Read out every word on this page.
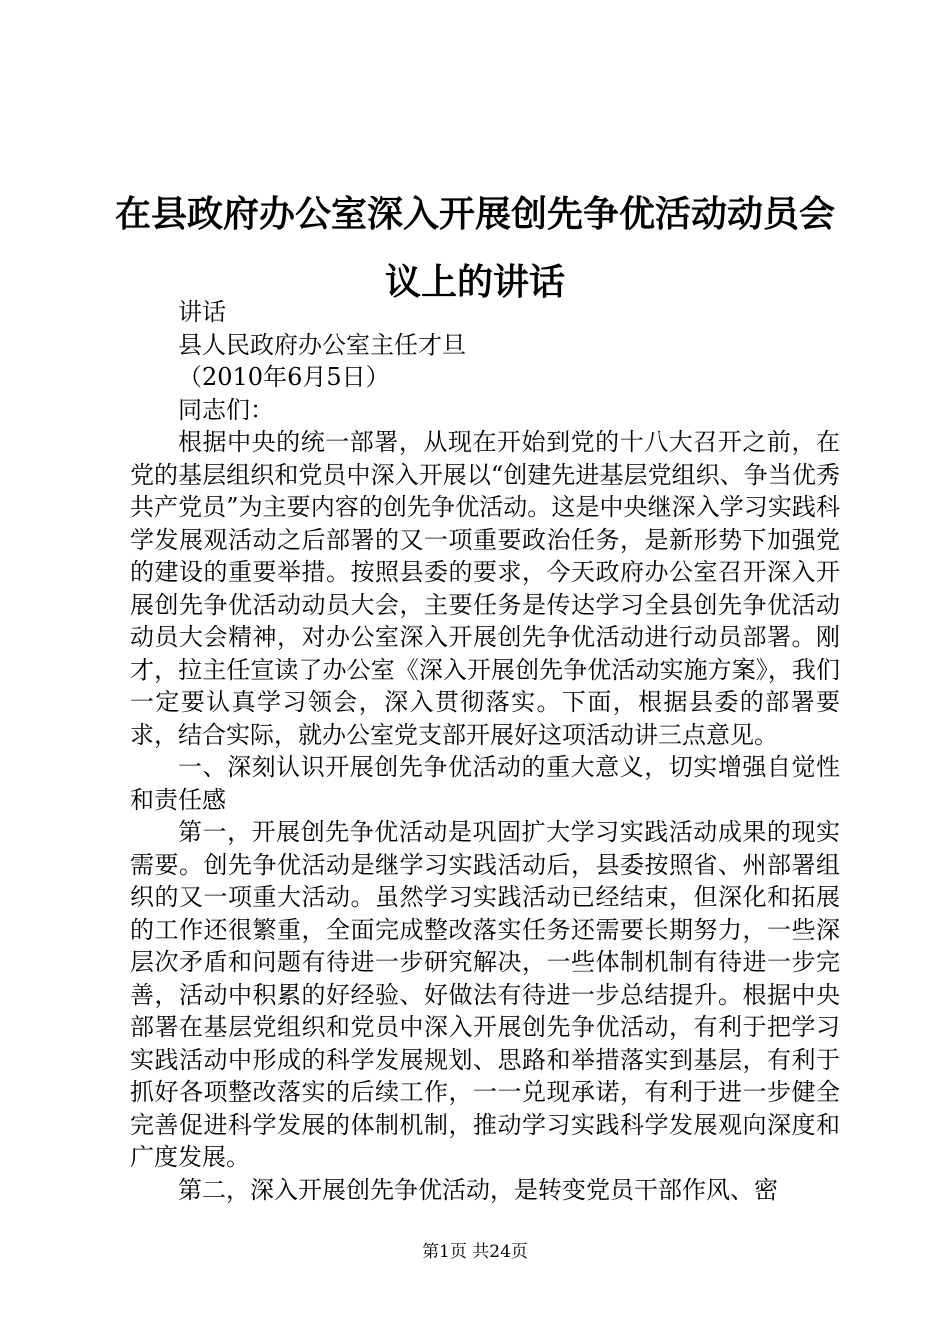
在县政府办公室深入开展创先争优活动动员会议上的讲话

讲话

县人民政府办公室主任才旦

（2010年6月5日）

同志们：

根据中央的统一部署，从现在开始到党的十八大召开之前，在党的基层组织和党员中深入开展以“创建先进基层党组织、争当优秀共产党员”为主要内容的创先争优活动。这是中央继深入学习实践科学发展观活动之后部署的又一项重要政治任务，是新形势下加强党的建设的重要举措。按照县委的要求，今天政府办公室召开深入开展创先争优活动动员大会，主要任务是传达学习全县创先争优活动动员大会精神，对办公室深入开展创先争优活动进行动员部署。刚才，拉主任宣读了办公室《深入开展创先争优活动实施方案》，我们一定要认真学习领会，深入贯彻落实。下面，根据县委的部署要求，结合实际，就办公室党支部开展好这项活动讲三点意见。

一、深刻认识开展创先争优活动的重大意义，切实增强自觉性和责任感

第一，开展创先争优活动是巩固扩大学习实践活动成果的现实需要。创先争优活动是继学习实践活动后，县委按照省、州部署组织的又一项重大活动。虽然学习实践活动已经结束，但深化和拓展的工作还很繁重，全面完成整改落实任务还需要长期努力，一些深层次矛盾和问题有待进一步研究解决，一些体制机制有待进一步完善，活动中积累的好经验、好做法有待进一步总结提升。根据中央部署在基层党组织和党员中深入开展创先争优活动，有利于把学习实践活动中形成的科学发展规划、思路和举措落实到基层，有利于抓好各项整改落实的后续工作，一一兑现承诺，有利于进一步健全完善促进科学发展的体制机制，推动学习实践科学发展观向深度和广度发展。

第二，深入开展创先争优活动，是转变党员干部作风、密

第1页 共24页
